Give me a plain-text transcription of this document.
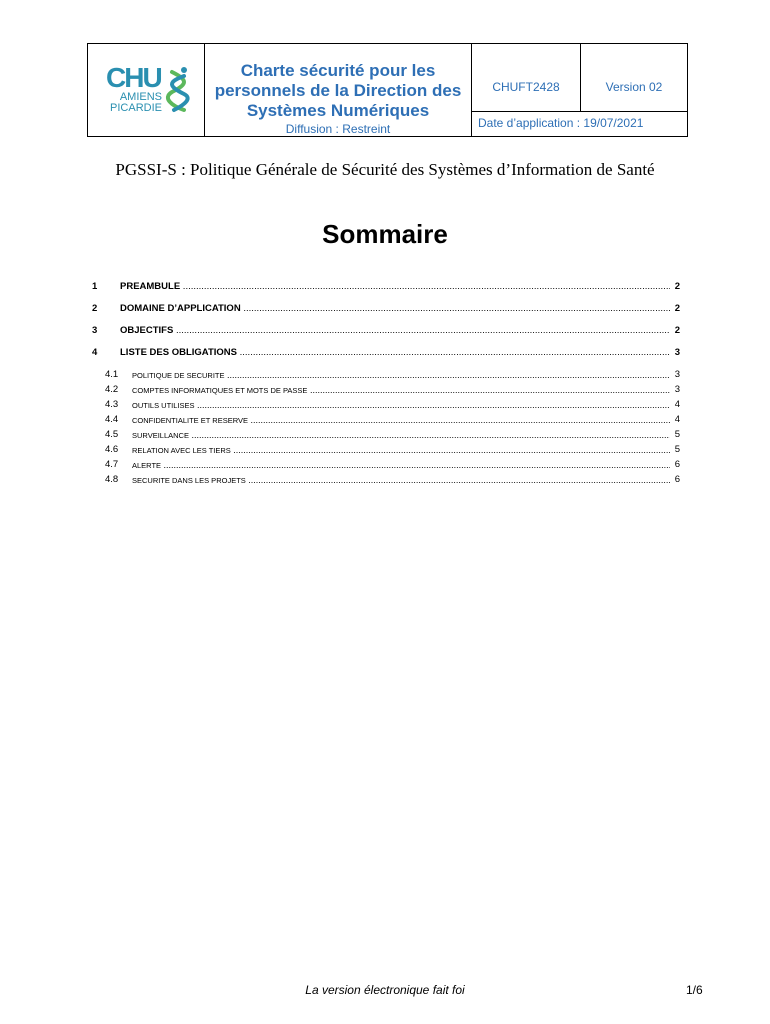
CHU
AMIENS
PICARDIE
Charte sécurité pour les personnels de la Direction des Systèmes Numériques
Diffusion : Restreint
CHUFT2428	Version 02
Date d’application : 19/07/2021
PGSSI-S : Politique Générale de Sécurité des Systèmes d’Information de Santé
Sommaire
1 PREAMBULE .....	2
2 DOMAINE D’APPLICATION .....	2
3 OBJECTIFS .....	2
4 LISTE DES OBLIGATIONS .....	3
4.1 POLITIQUE DE SECURITE .....	3
4.2 COMPTES INFORMATIQUES ET MOTS DE PASSE .....	3
4.3 OUTILS UTILISES .....	4
4.4 CONFIDENTIALITE ET RESERVE .....	4
4.5 SURVEILLANCE .....	5
4.6 RELATION AVEC LES TIERS .....	5
4.7 ALERTE .....	6
4.8 SECURITE DANS LES PROJETS .....	6
La version électronique fait foi	1/6
